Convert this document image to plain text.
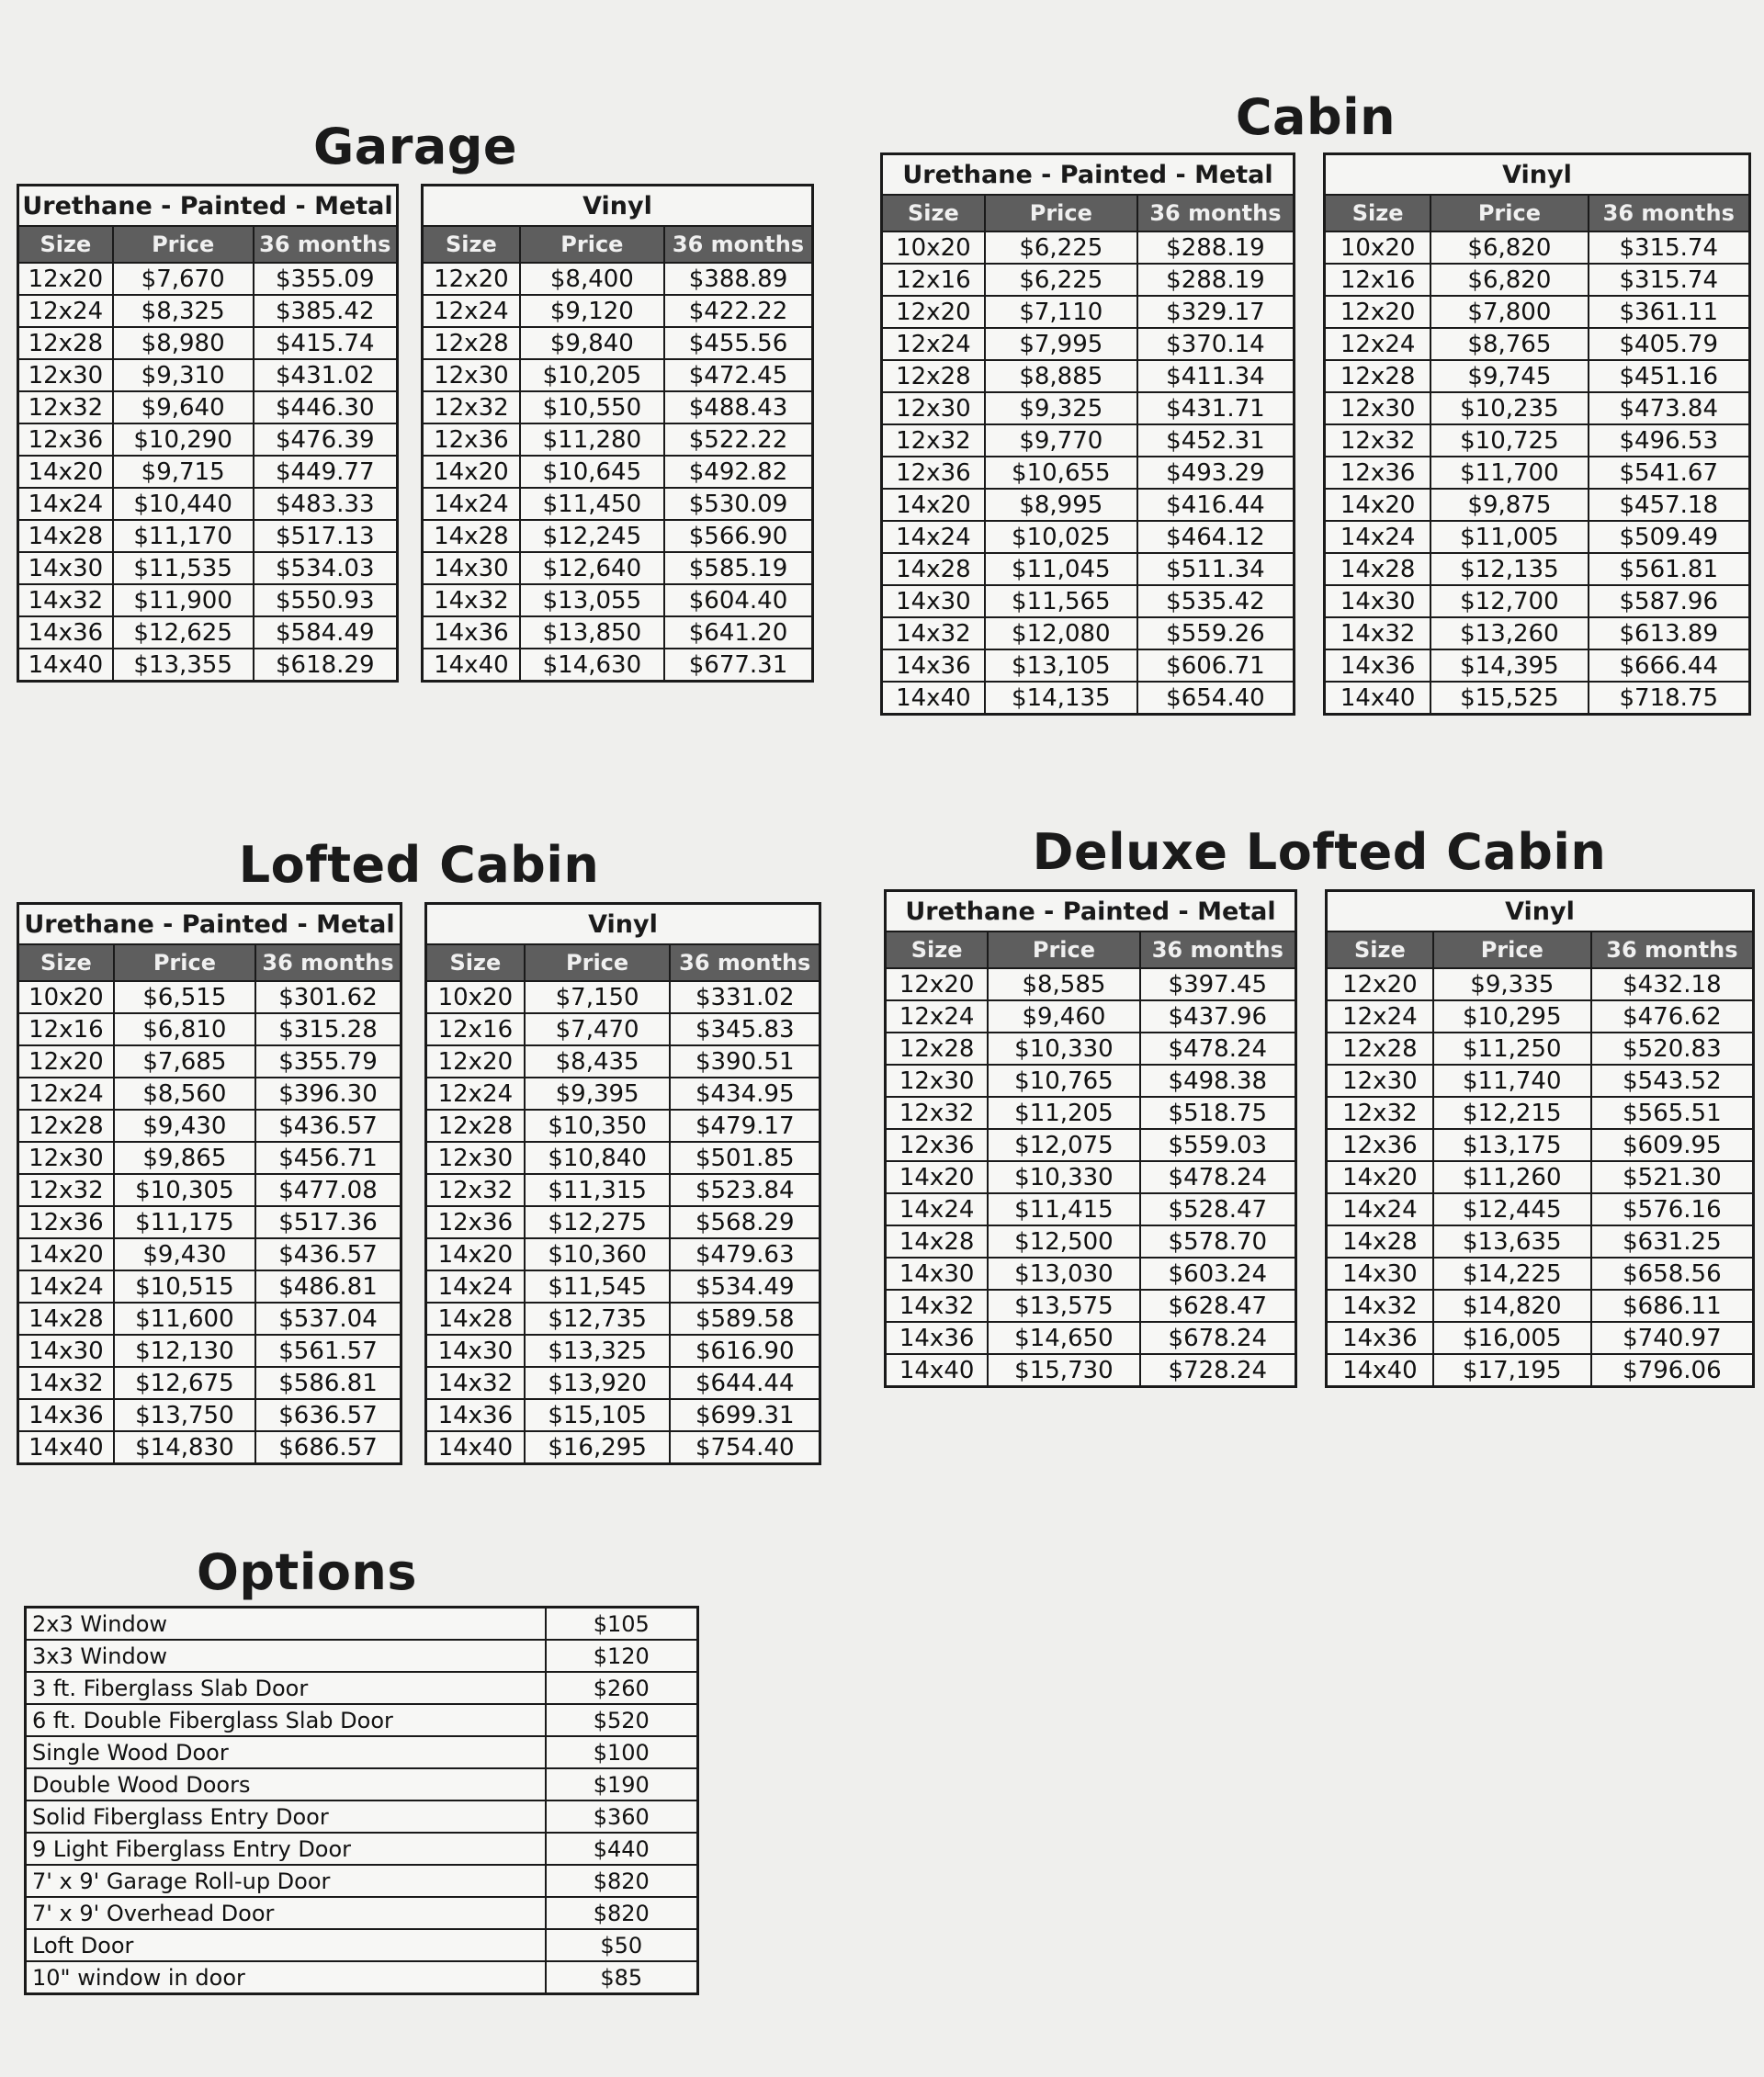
Garage
Urethane - Painted - Metal		
Size	Price	36 months
12x20	$7,670	$355.09
12x24	$8,325	$385.42
12x28	$8,980	$415.74
12x30	$9,310	$431.02
12x32	$9,640	$446.30
12x36	$10,290	$476.39
14x20	$9,715	$449.77
14x24	$10,440	$483.33
14x28	$11,170	$517.13
14x30	$11,535	$534.03
14x32	$11,900	$550.93
14x36	$12,625	$584.49
14x40	$13,355	$618.29
Vinyl		
Size	Price	36 months
12x20	$8,400	$388.89
12x24	$9,120	$422.22
12x28	$9,840	$455.56
12x30	$10,205	$472.45
12x32	$10,550	$488.43
12x36	$11,280	$522.22
14x20	$10,645	$492.82
14x24	$11,450	$530.09
14x28	$12,245	$566.90
14x30	$12,640	$585.19
14x32	$13,055	$604.40
14x36	$13,850	$641.20
14x40	$14,630	$677.31
Cabin
Urethane - Painted - Metal		
Size	Price	36 months
10x20	$6,225	$288.19
12x16	$6,225	$288.19
12x20	$7,110	$329.17
12x24	$7,995	$370.14
12x28	$8,885	$411.34
12x30	$9,325	$431.71
12x32	$9,770	$452.31
12x36	$10,655	$493.29
14x20	$8,995	$416.44
14x24	$10,025	$464.12
14x28	$11,045	$511.34
14x30	$11,565	$535.42
14x32	$12,080	$559.26
14x36	$13,105	$606.71
14x40	$14,135	$654.40
Vinyl		
Size	Price	36 months
10x20	$6,820	$315.74
12x16	$6,820	$315.74
12x20	$7,800	$361.11
12x24	$8,765	$405.79
12x28	$9,745	$451.16
12x30	$10,235	$473.84
12x32	$10,725	$496.53
12x36	$11,700	$541.67
14x20	$9,875	$457.18
14x24	$11,005	$509.49
14x28	$12,135	$561.81
14x30	$12,700	$587.96
14x32	$13,260	$613.89
14x36	$14,395	$666.44
14x40	$15,525	$718.75
Lofted Cabin
Urethane - Painted - Metal		
Size	Price	36 months
10x20	$6,515	$301.62
12x16	$6,810	$315.28
12x20	$7,685	$355.79
12x24	$8,560	$396.30
12x28	$9,430	$436.57
12x30	$9,865	$456.71
12x32	$10,305	$477.08
12x36	$11,175	$517.36
14x20	$9,430	$436.57
14x24	$10,515	$486.81
14x28	$11,600	$537.04
14x30	$12,130	$561.57
14x32	$12,675	$586.81
14x36	$13,750	$636.57
14x40	$14,830	$686.57
Vinyl		
Size	Price	36 months
10x20	$7,150	$331.02
12x16	$7,470	$345.83
12x20	$8,435	$390.51
12x24	$9,395	$434.95
12x28	$10,350	$479.17
12x30	$10,840	$501.85
12x32	$11,315	$523.84
12x36	$12,275	$568.29
14x20	$10,360	$479.63
14x24	$11,545	$534.49
14x28	$12,735	$589.58
14x30	$13,325	$616.90
14x32	$13,920	$644.44
14x36	$15,105	$699.31
14x40	$16,295	$754.40
Deluxe Lofted Cabin
Urethane - Painted - Metal		
Size	Price	36 months
12x20	$8,585	$397.45
12x24	$9,460	$437.96
12x28	$10,330	$478.24
12x30	$10,765	$498.38
12x32	$11,205	$518.75
12x36	$12,075	$559.03
14x20	$10,330	$478.24
14x24	$11,415	$528.47
14x28	$12,500	$578.70
14x30	$13,030	$603.24
14x32	$13,575	$628.47
14x36	$14,650	$678.24
14x40	$15,730	$728.24
Vinyl		
Size	Price	36 months
12x20	$9,335	$432.18
12x24	$10,295	$476.62
12x28	$11,250	$520.83
12x30	$11,740	$543.52
12x32	$12,215	$565.51
12x36	$13,175	$609.95
14x20	$11,260	$521.30
14x24	$12,445	$576.16
14x28	$13,635	$631.25
14x30	$14,225	$658.56
14x32	$14,820	$686.11
14x36	$16,005	$740.97
14x40	$17,195	$796.06
Options
2x3 Window	$105
3x3 Window	$120
3 ft. Fiberglass Slab Door	$260
6 ft. Double Fiberglass Slab Door	$520
Single Wood Door	$100
Double Wood Doors	$190
Solid Fiberglass Entry Door	$360
9 Light Fiberglass Entry Door	$440
7' x 9' Garage Roll-up Door	$820
7' x 9' Overhead Door	$820
Loft Door	$50
10" window in door	$85
